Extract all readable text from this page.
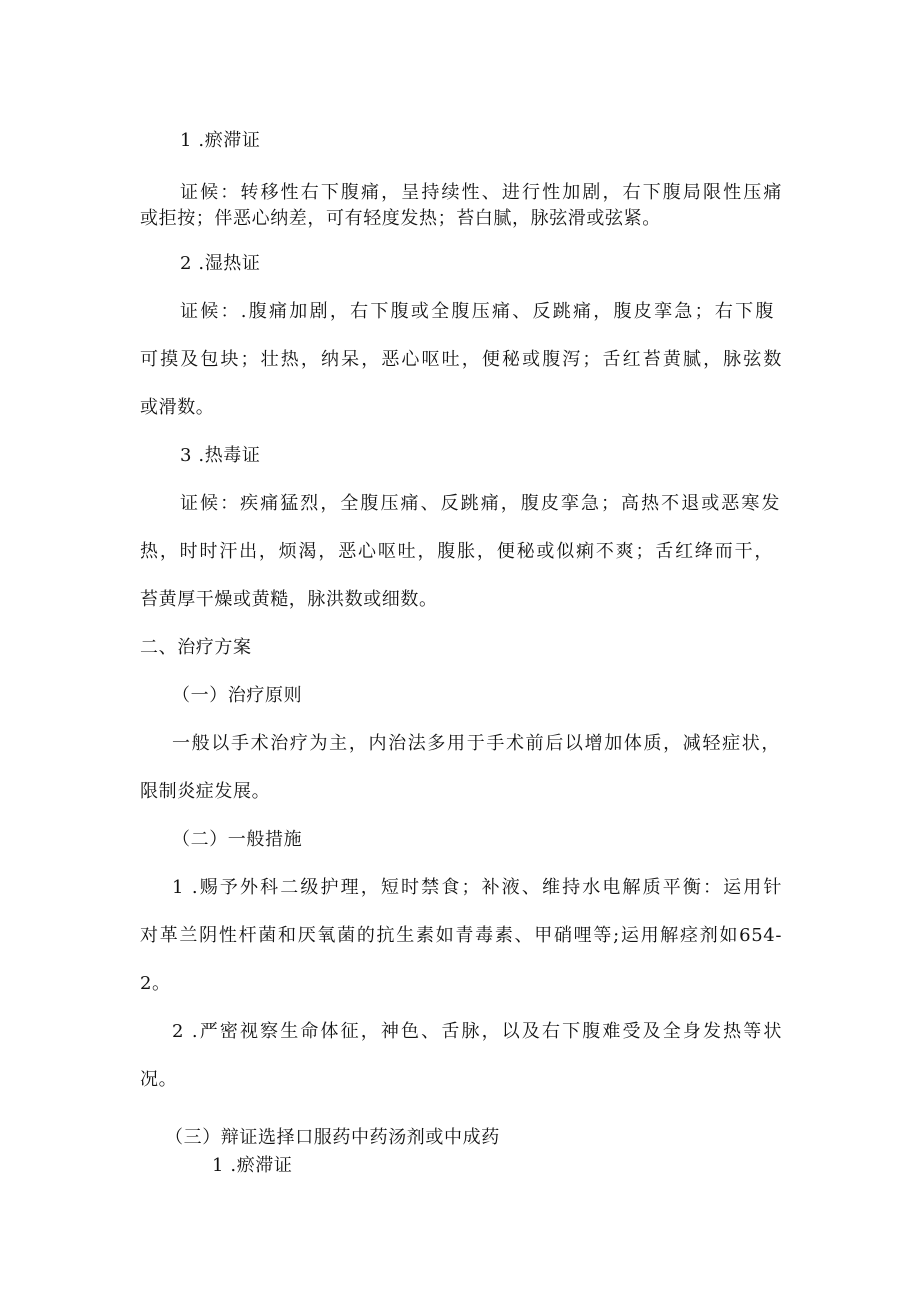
1 .瘀滞证
证候：转移性右下腹痛，呈持续性、进行性加剧，右下腹局限性压痛
或拒按；伴恶心纳差，可有轻度发热；苔白腻，脉弦滑或弦紧。
2 .湿热证
证候：.腹痛加剧，右下腹或全腹压痛、反跳痛，腹皮挛急；右下腹
可摸及包块；壮热，纳呆，恶心呕吐，便秘或腹泻；舌红苔黄腻，脉弦数
或滑数。
3 .热毒证
证候：疾痛猛烈，全腹压痛、反跳痛，腹皮挛急；高热不退或恶寒发
热，时时汗出，烦渴，恶心呕吐，腹胀，便秘或似痢不爽；舌红绛而干，
苔黄厚干燥或黄糙，脉洪数或细数。
二、治疗方案
（一）治疗原则
一般以手术治疗为主，内治法多用于手术前后以增加体质，减轻症状，
限制炎症发展。
（二）一般措施
1 .赐予外科二级护理，短时禁食；补液、维持水电解质平衡：运用针
对革兰阴性杆菌和厌氧菌的抗生素如青毒素、甲硝哩等;运用解痉剂如654-
2。
2 .严密视察生命体征，神色、舌脉，以及右下腹难受及全身发热等状
况。
（三）辩证选择口服药中药汤剂或中成药
1 .瘀滞证
